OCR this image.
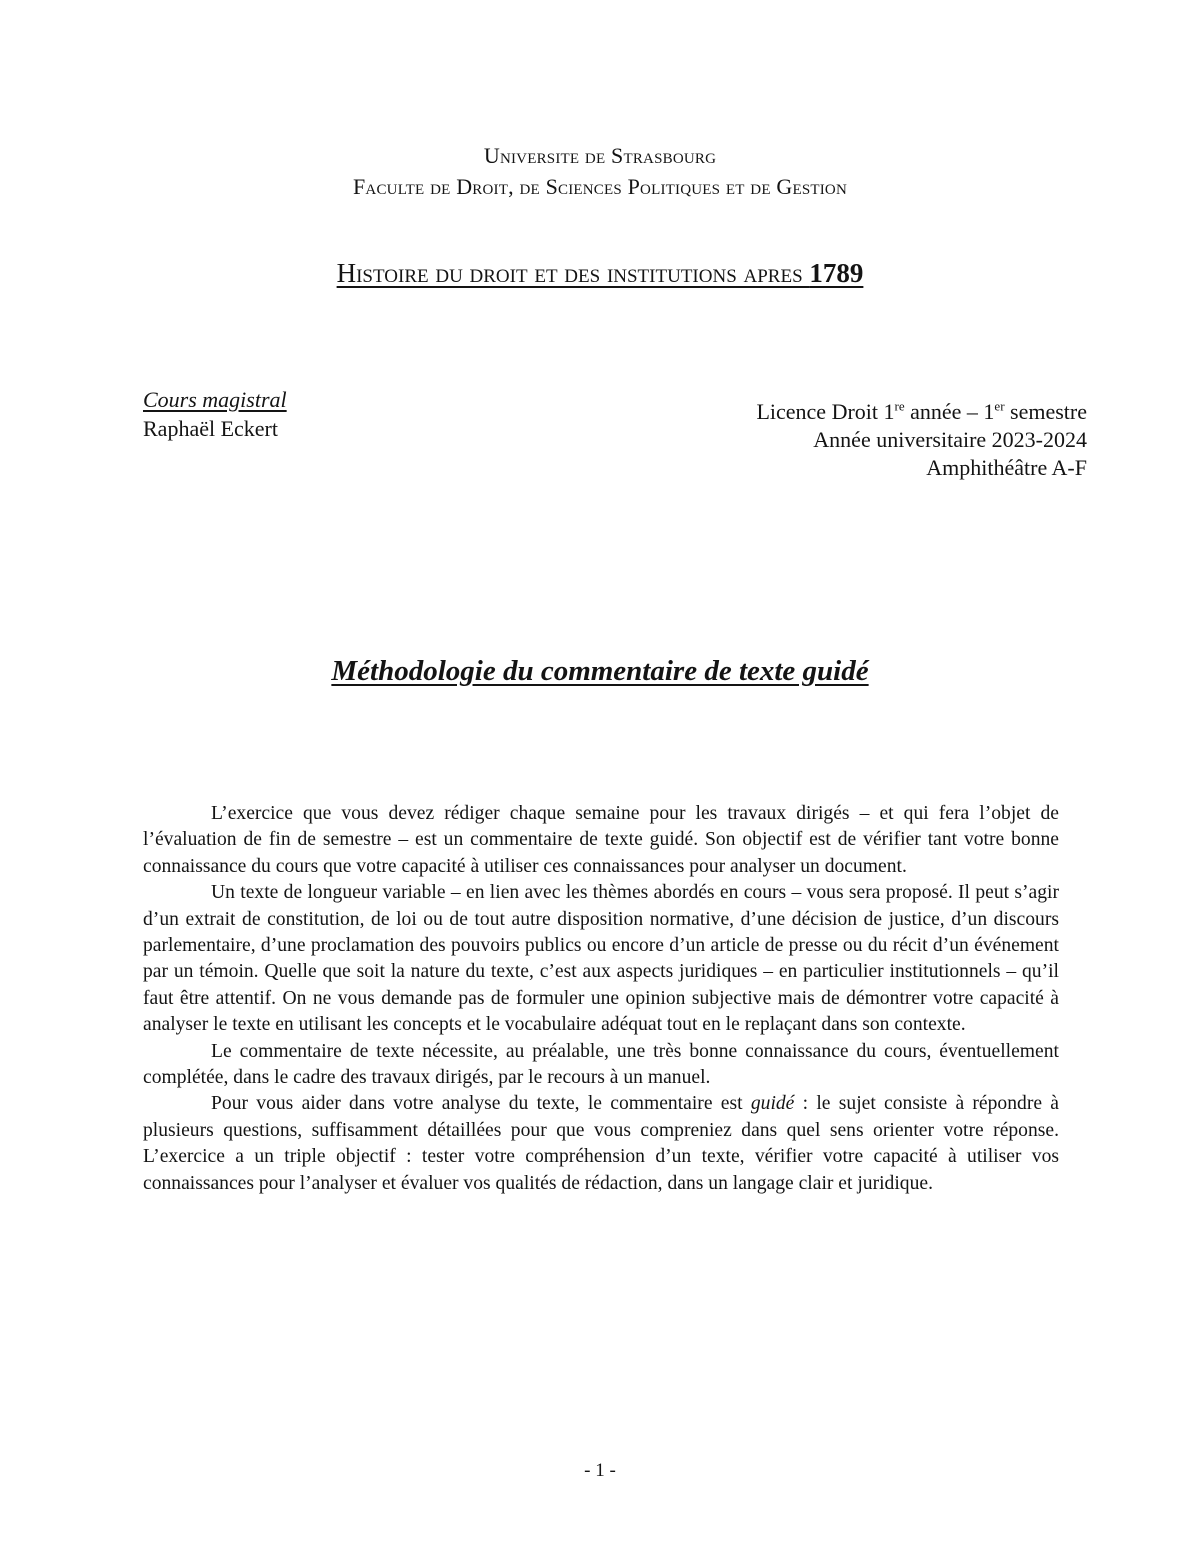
Universite de Strasbourg
Faculte de Droit, de Sciences Politiques et de Gestion
Histoire du droit et des institutions apres 1789
Cours magistral
Raphaël Eckert
Licence Droit 1re année – 1er semestre
Année universitaire 2023-2024
Amphithéâtre A-F
Méthodologie du commentaire de texte guidé

L’exercice que vous devez rédiger chaque semaine pour les travaux dirigés – et qui fera l’objet de l’évaluation de fin de semestre – est un commentaire de texte guidé. Son objectif est de vérifier tant votre bonne connaissance du cours que votre capacité à utiliser ces connaissances pour analyser un document.

Un texte de longueur variable – en lien avec les thèmes abordés en cours – vous sera proposé. Il peut s’agir d’un extrait de constitution, de loi ou de tout autre disposition normative, d’une décision de justice, d’un discours parlementaire, d’une proclamation des pouvoirs publics ou encore d’un article de presse ou du récit d’un événement par un témoin. Quelle que soit la nature du texte, c’est aux aspects juridiques – en particulier institutionnels – qu’il faut être attentif. On ne vous demande pas de formuler une opinion subjective mais de démontrer votre capacité à analyser le texte en utilisant les concepts et le vocabulaire adéquat tout en le replaçant dans son contexte.

Le commentaire de texte nécessite, au préalable, une très bonne connaissance du cours, éventuellement complétée, dans le cadre des travaux dirigés, par le recours à un manuel.

Pour vous aider dans votre analyse du texte, le commentaire est guidé : le sujet consiste à répondre à plusieurs questions, suffisamment détaillées pour que vous compreniez dans quel sens orienter votre réponse. L’exercice a un triple objectif : tester votre compréhension d’un texte, vérifier votre capacité à utiliser vos connaissances pour l’analyser et évaluer vos qualités de rédaction, dans un langage clair et juridique.

- 1 -
